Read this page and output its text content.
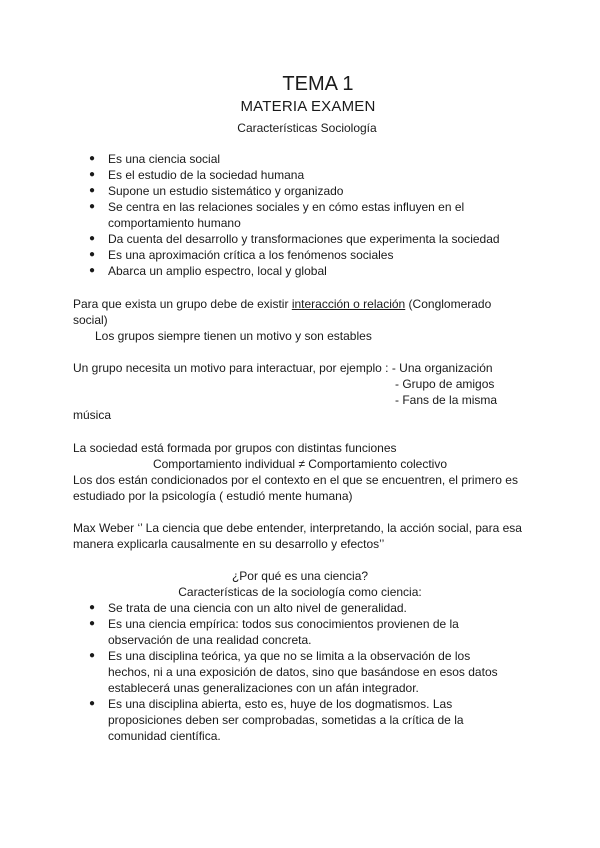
TEMA 1
MATERIA EXAMEN
Características Sociología
● Es una ciencia social
● Es el estudio de la sociedad humana
● Supone un estudio sistemático y organizado
● Se centra en las relaciones sociales y en cómo estas influyen en el comportamiento humano
● Da cuenta del desarrollo y transformaciones que experimenta la sociedad
● Es una aproximación crítica a los fenómenos sociales
● Abarca un amplio espectro, local y global
Para que exista un grupo debe de existir interacción o relación (Conglomerado
social)
Los grupos siempre tienen un motivo y son estables
Un grupo necesita un motivo para interactuar, por ejemplo : - Una organización
- Grupo de amigos
- Fans de la misma
música
La sociedad está formada por grupos con distintas funciones
Comportamiento individual ≠ Comportamiento colectivo
Los dos están condicionados por el contexto en el que se encuentren, el primero es
estudiado por la psicología ( estudió mente humana)
Max Weber ‘’ La ciencia que debe entender, interpretando, la acción social, para esa
manera explicarla causalmente en su desarrollo y efectos’’
¿Por qué es una ciencia?
Características de la sociología como ciencia:
● Se trata de una ciencia con un alto nivel de generalidad.
● Es una ciencia empírica: todos sus conocimientos provienen de la observación de una realidad concreta.
● Es una disciplina teórica, ya que no se limita a la observación de los hechos, ni a una exposición de datos, sino que basándose en esos datos establecerá unas generalizaciones con un afán integrador.
● Es una disciplina abierta, esto es, huye de los dogmatismos. Las proposiciones deben ser comprobadas, sometidas a la crítica de la comunidad científica.
